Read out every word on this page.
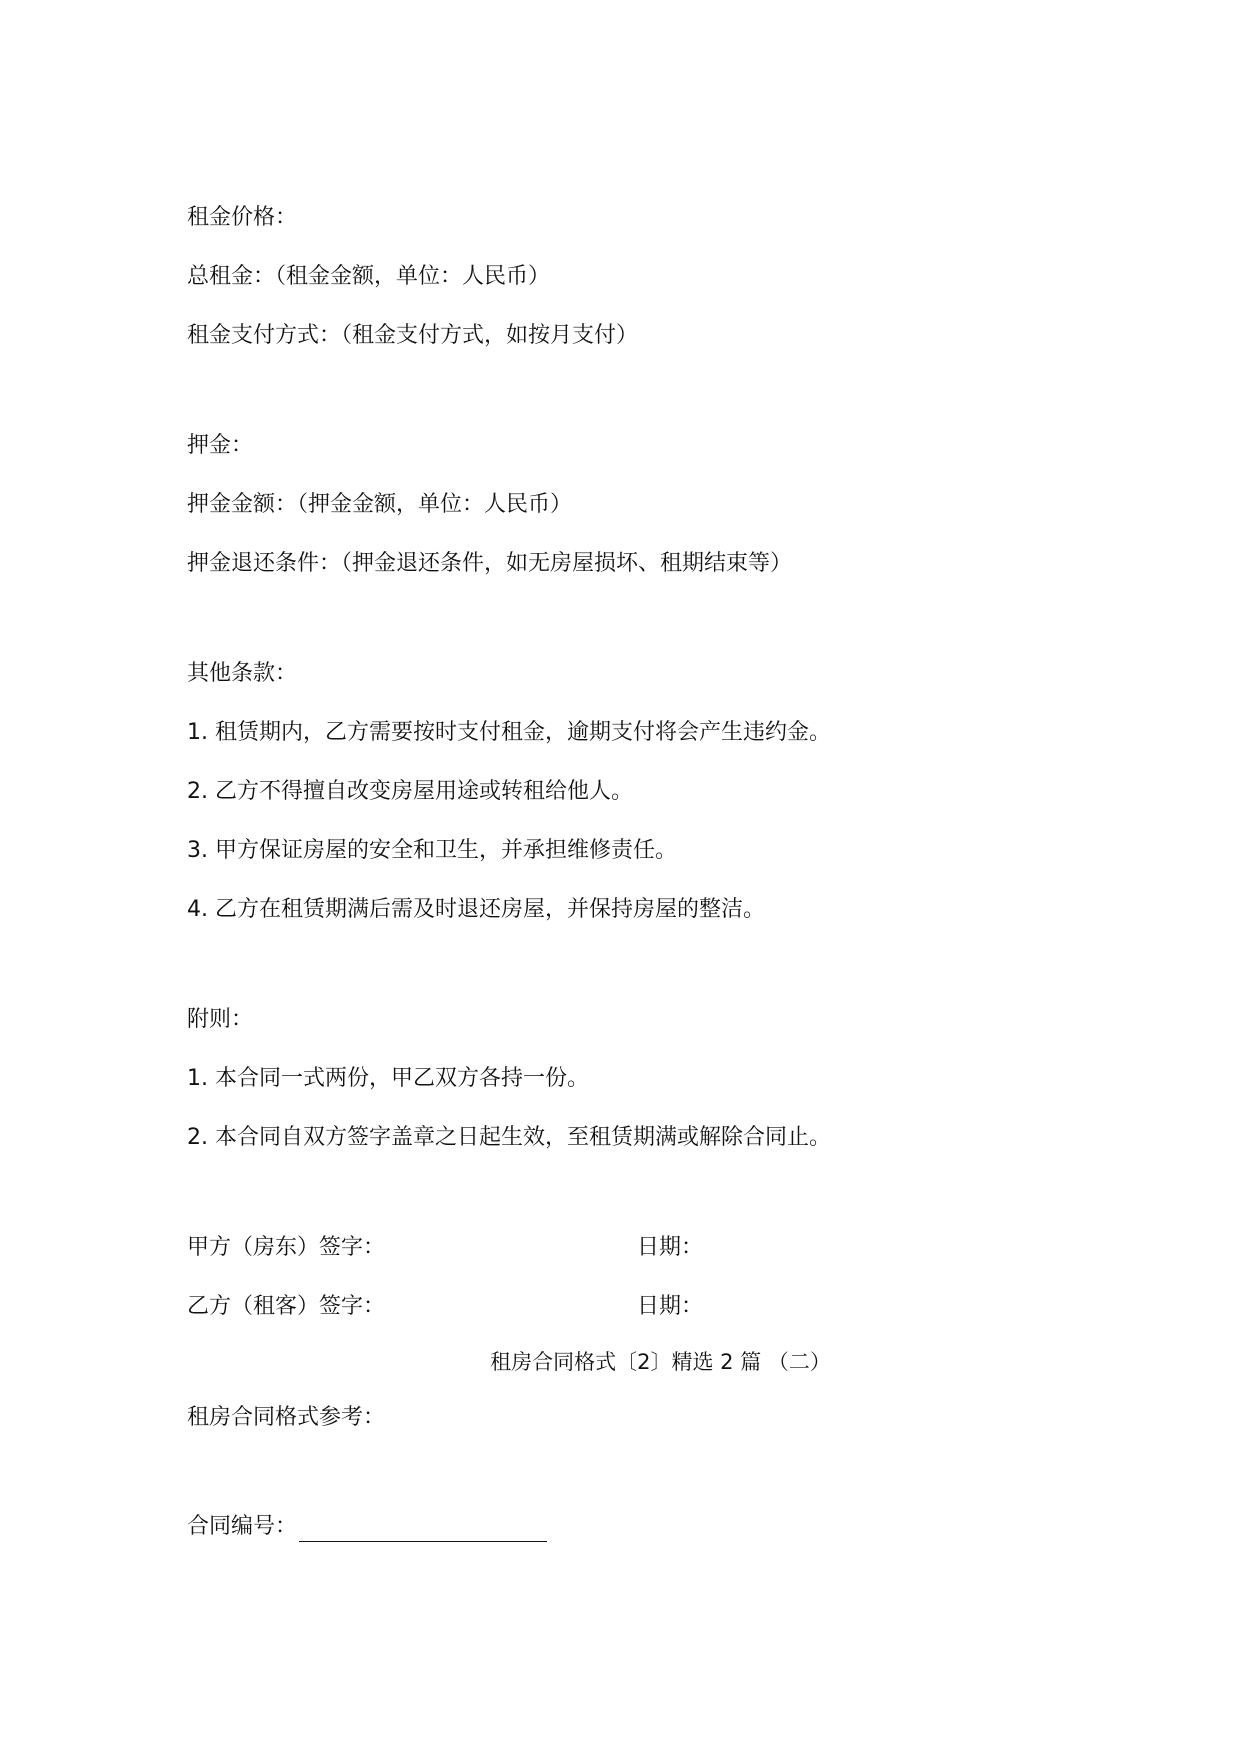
租金价格：
总租金：（租金金额，单位：人民币）
租金支付方式：（租金支付方式，如按月支付）
押金：
押金金额：（押金金额，单位：人民币）
押金退还条件：（押金退还条件，如无房屋损坏、租期结束等）
其他条款：
1. 租赁期内，乙方需要按时支付租金，逾期支付将会产生违约金。
2. 乙方不得擅自改变房屋用途或转租给他人。
3. 甲方保证房屋的安全和卫生，并承担维修责任。
4. 乙方在租赁期满后需及时退还房屋，并保持房屋的整洁。
附则：
1. 本合同一式两份，甲乙双方各持一份。
2. 本合同自双方签字盖章之日起生效，至租赁期满或解除合同止。
甲方（房东）签字：	日期：
乙方（租客）签字：	日期：
租房合同格式〔2〕精选 2 篇 （二）
租房合同格式参考：
合同编号：
